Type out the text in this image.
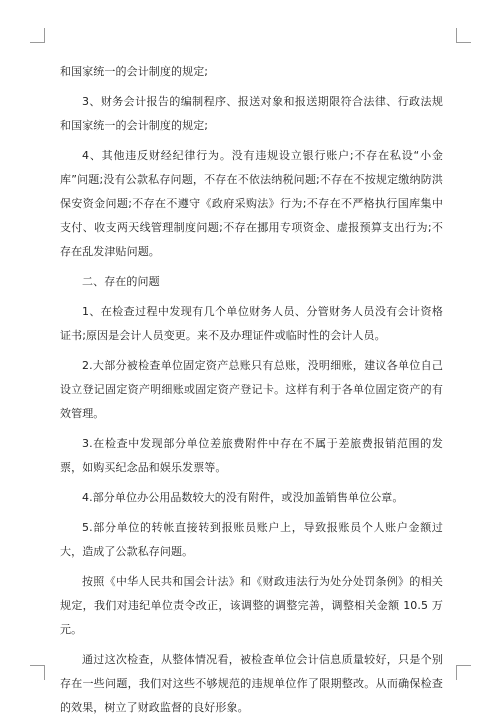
和国家统一的会计制度的规定;

3、财务会计报告的编制程序、报送对象和报送期限符合法律、行政法规和国家统一的会计制度的规定;

4、其他违反财经纪律行为。没有违规设立银行账户;不存在私设“小金库”问题;没有公款私存问题，不存在不依法纳税问题;不存在不按规定缴纳防洪保安资金问题;不存在不遵守《政府采购法》行为;不存在不严格执行国库集中支付、收支两天线管理制度问题;不存在挪用专项资金、虚报预算支出行为;不存在乱发津贴问题。

二、存在的问题

1、在检查过程中发现有几个单位财务人员、分管财务人员没有会计资格证书;原因是会计人员变更。来不及办理证件或临时性的会计人员。

2.大部分被检查单位固定资产总账只有总账，没明细账，建议各单位自己设立登记固定资产明细账或固定资产登记卡。这样有利于各单位固定资产的有效管理。

3.在检查中发现部分单位差旅费附件中存在不属于差旅费报销范围的发票，如购买纪念品和娱乐发票等。

4.部分单位办公用品数较大的没有附件，或没加盖销售单位公章。

5.部分单位的转帐直接转到报账员账户上，导致报账员个人账户金额过大，造成了公款私存问题。

按照《中华人民共和国会计法》和《财政违法行为处分处罚条例》的相关规定，我们对违纪单位责令改正，该调整的调整完善，调整相关金额 10.5 万元。

通过这次检查，从整体情况看，被检查单位会计信息质量较好，只是个别存在一些问题，我们对这些不够规范的违规单位作了限期整改。从而确保检查的效果，树立了财政监督的良好形象。
